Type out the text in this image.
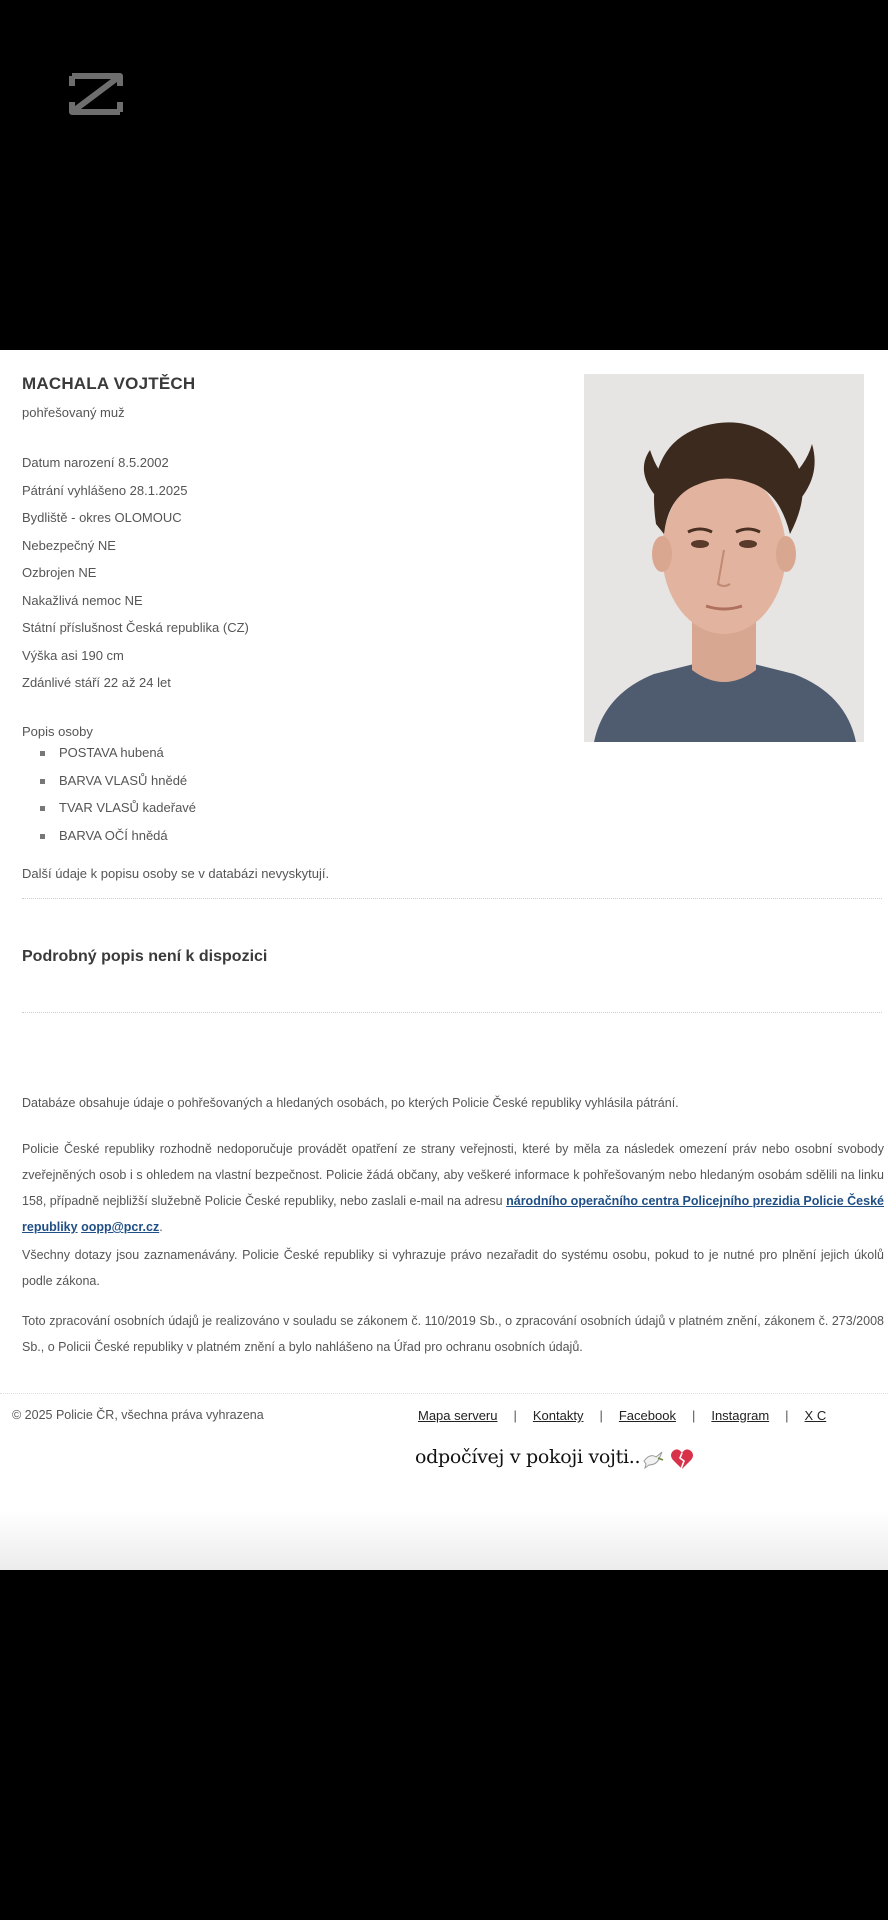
MACHALA VOJTĚCH
pohřešovaný muž
Datum narození 8.5.2002
Pátrání vyhlášeno 28.1.2025
Bydliště - okres OLOMOUC
Nebezpečný NE
Ozbrojen NE
Nakažlivá nemoc NE
Státní příslušnost Česká republika (CZ)
Výška asi 190 cm
Zdánlivé stáří 22 až 24 let
Popis osoby
POSTAVA hubená
BARVA VLASŮ hnědé
TVAR VLASŮ kadeřavé
BARVA OČÍ hnědá
Další údaje k popisu osoby se v databázi nevyskytují.
Podrobný popis není k dispozici

Databáze obsahuje údaje o pohřešovaných a hledaných osobách, po kterých Policie České republiky vyhlásila pátrání.

Policie České republiky rozhodně nedoporučuje provádět opatření ze strany veřejnosti, které by měla za následek omezení práv nebo osobní svobody zveřejněných osob i s ohledem na vlastní bezpečnost. Policie žádá občany, aby veškeré informace k pohřešovaným nebo hledaným osobám sdělili na linku 158, případně nejbližší služebně Policie České republiky, nebo zaslali e-mail na adresu národního operačního centra Policejního prezidia Policie České republiky oopp@pcr.cz.

Všechny dotazy jsou zaznamenávány. Policie České republiky si vyhrazuje právo nezařadit do systému osobu, pokud to je nutné pro plnění jejich úkolů podle zákona.

Toto zpracování osobních údajů je realizováno v souladu se zákonem č. 110/2019 Sb., o zpracování osobních údajů v platném znění, zákonem č. 273/2008 Sb., o Policii České republiky v platném znění a bylo nahlášeno na Úřad pro ochranu osobních údajů.

© 2025 Policie ČR, všechna práva vyhrazena	Mapa serveru | Kontakty | Facebook | Instagram | X C
odpočívej v pokoji vojti..
